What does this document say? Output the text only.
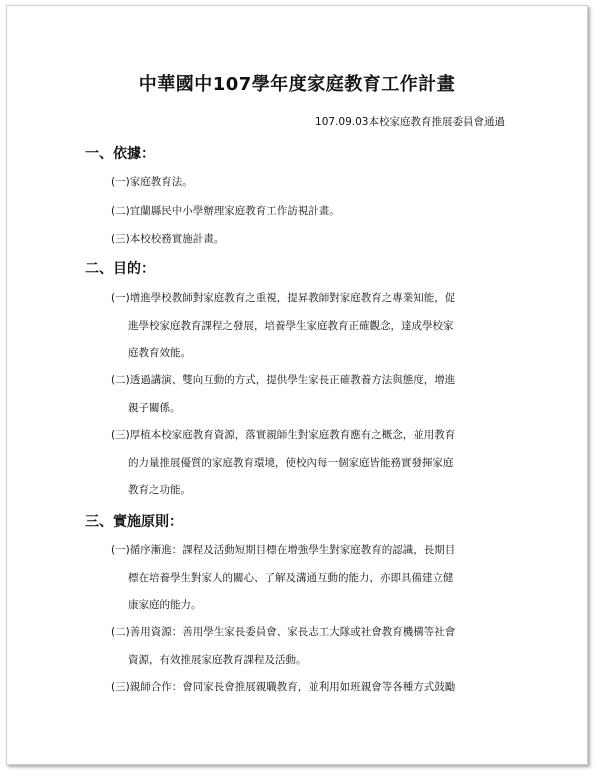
中華國中107學年度家庭教育工作計畫
107.09.03本校家庭教育推展委員會通過
一、依據：
(一)家庭教育法。
(二)宜蘭縣民中小學辦理家庭教育工作訪視計畫。
(三)本校校務實施計畫。
二、目的：
(一)增進學校教師對家庭教育之重視，提昇教師對家庭教育之專業知能，促
進學校家庭教育課程之發展，培養學生家庭教育正確觀念，達成學校家
庭教育效能。
(二)透過講演、雙向互動的方式，提供學生家長正確教養方法與態度，增進
親子關係。
(三)厚植本校家庭教育資源，落實親師生對家庭教育應有之概念，並用教育
的力量推展優質的家庭教育環境，使校內每一個家庭皆能務實發揮家庭
教育之功能。
三、實施原則：
(一)循序漸進：課程及活動短期目標在增強學生對家庭教育的認識，長期目
標在培養學生對家人的關心、了解及溝通互動的能力，亦即具備建立健
康家庭的能力。
(二)善用資源：善用學生家長委員會、家長志工大隊或社會教育機構等社會
資源，有效推展家庭教育課程及活動。
(三)親師合作：會同家長會推展親職教育，並利用如班親會等各種方式鼓勵
